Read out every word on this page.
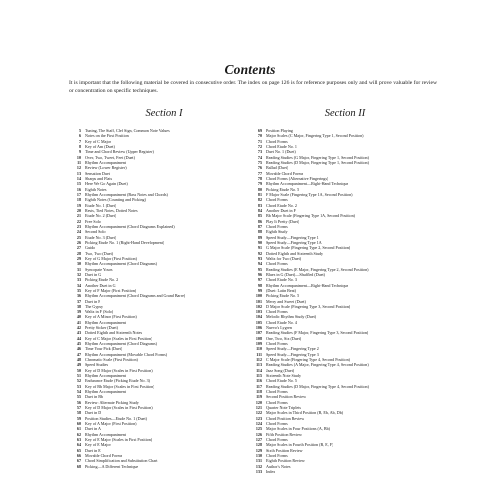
Contents
It is important that the following material be covered in consecutive order. The index on page 126 is for reference purposes only and will prove valuable for review or concentration on specific techniques.
Section I	Section II
5 Tuning, The Staff, Clef Sign, Common Note Values
6 Notes on the First Position
7 Key of C Major
8 Key of Am (Duet)
9 Time and Chord Review (Upper Register)
10 Over, Two, Tweet, Feet (Duet)
11 Rhythm Accompaniment
12 Review (Lower Register)
13 Sensation Duet
14 Sharps and Flats
15 Here We Go Again (Duet)
16 Eighth Notes
17 Rhythm Accompaniment (Bass Notes and Chords)
18 Eighth Notes (Counting and Picking)
19 Etude No. 1 (Duet)
20 Rests, Tied Notes, Dotted Notes
21 Etude No. 2 (Duet)
22 Free Solo
23 Rhythm Accompaniment (Chord Diagrams Explained)
24 Second Solo
25 Etude No. 3 (Duet)
26 Picking Etude No. 1 (Right-Hand Development)
27 Guido
28 Two, Two (Duet)
29 Key of G Major (First Position)
30 Rhythm Accompaniment (Chord Diagrams)
31 Syncopate Yours
32 Duet in G
33 Picking Etude No. 2
34 Another Duet in G
35 Key of F Major (First Position)
36 Rhythm Accompaniment (Chord Diagrams and Grand Barre)
37 Duet in F
38 The Gypsy
39 Waltz in F (Solo)
40 Key of A Minor (First Position)
41 Rhythm Accompaniment
42 Pretty Sicker (Duet)
43 Dotted Eighth and Sixteenth Notes
44 Key of C Major (Scales in First Position)
45 Rhythm Accompaniment (Chord Diagrams)
46 Time Your Pick (Duet)
47 Rhythm Accompaniment (Movable Chord Forms)
48 Chromatic Scale (First Position)
49 Speed Studies
50 Key of D Major (Scales in First Position)
51 Rhythm Accompaniment
52 Endurance Etude (Picking Etude No. 3)
53 Key of Bb Major (Scales in First Position)
54 Rhythm Accompaniment
55 Duet in Bb
56 Review: Alternate Picking Study
57 Key of D Major (Scales in First Position)
58 Duet in D
59 Position Studies—Etude No. 1 (Duet)
60 Key of A Major (First Position)
61 Duet in A
62 Rhythm Accompaniment
63 Key of E Major (Scales in First Position)
64 Key of E Major
65 Duet in E
66 Movable Chord Forms
67 Chord Simplification and Substitution Chart
68 Picking—A Different Technique
69 Position Playing
70 Major Scales (C Major, Fingering Type 1, Second Position)
71 Chord Forms
72 Chord Etude No. 1
73 Duet No. 1 (Duet)
74 Reading Studies (G Major, Fingering Type 1, Second Position)
75 Reading Studies (D Major, Fingering Type 1, Second Position)
76 Ballad (Duet)
77 Movable Chord Forms
78 Chord Forms (Alternative Fingerings)
79 Rhythm Accompaniment—Right-Hand Technique
80 Picking Etude No. 5
81 F Major Scale (Fingering Type 1A, Second Position)
82 Chord Forms
83 Chord Etude No. 2
84 Another Duet in F
85 Bb Major Scale (Fingering Type 1A, Second Position)
86 Play It Pretty (Duet)
87 Chord Forms
88 Eighth Study
89 Speed Study—Fingering Type 1
90 Speed Study—Fingering Type 1A
91 G Major Scale (Fingering Type 2, Second Position)
92 Dotted Eighth and Sixteenth Study
93 Waltz for Two (Duet)
94 Chord Forms
95 Reading Studies (E Major, Fingering Type 2, Second Position)
96 Blues in G (Duet)—Shuffled (Duet)
97 Chord Etude No. 3
98 Rhythm Accompaniment—Right-Hand Technique
99 (Duet: Latin Beat)
100 Picking Etude No. 5
101 Merry and Sweet (Duet)
102 D Major Scale (Fingering Type 3, Second Position)
103 Chord Forms
104 Melodic Rhythm Study (Duet)
105 Chord Etude No. 4
106 Nuevo's Lygren
107 Reading Studies (F Major, Fingering Type 3, Second Position)
108 One, Two, Six (Duet)
109 Chord Forms
110 Speed Study—Fingering Type 2
111 Speed Study—Fingering Type 3
112 C Major Scale (Fingering Type 4, Second Position)
113 Reading Studies (A Major, Fingering Type 4, Second Position)
114 Jazz Song (Duet)
115 Sixteenth Note Study
116 Chord Etude No. 5
117 Reading Studies (D Major, Fingering Type 4, Second Position)
118 Chord Forms
119 Second Position Review
120 Chord Forms
121 Quarter Note Triplets
122 Major Scales in Third Position (B, Eb, Ab, Db)
123 Chord Position Review
124 Chord Forms
125 Major Scales in Four Positions (A, Bb)
126 Fifth Position Review
127 Chord Forms
128 Major Scales in Fourth Position (B, E, F)
129 Sixth Position Review
130 Chord Forms
131 Eighth Position Review
132 Author's Notes
133 Index
